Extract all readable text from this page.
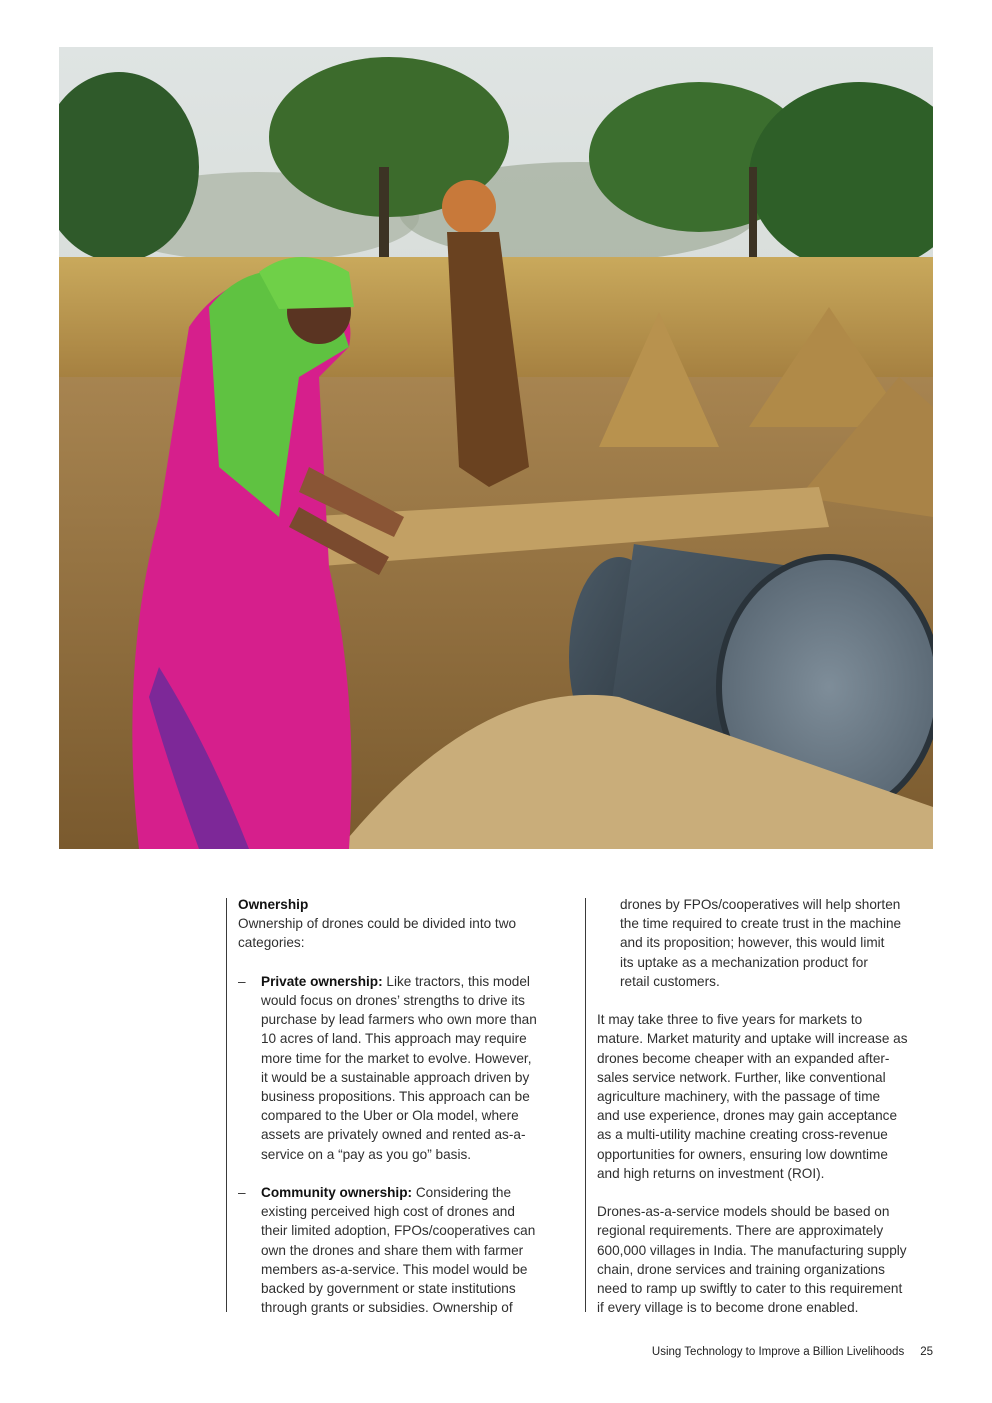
Ownership
Ownership of drones could be divided into two
categories:
– Private ownership: Like tractors, this model
would focus on drones’ strengths to drive its
purchase by lead farmers who own more than
10 acres of land. This approach may require
more time for the market to evolve. However,
it would be a sustainable approach driven by
business propositions. This approach can be
compared to the Uber or Ola model, where
assets are privately owned and rented as-a-
service on a “pay as you go” basis.
– Community ownership: Considering the
existing perceived high cost of drones and
their limited adoption, FPOs/cooperatives can
own the drones and share them with farmer
members as-a-service. This model would be
backed by government or state institutions
through grants or subsidies. Ownership of
drones by FPOs/cooperatives will help shorten
the time required to create trust in the machine
and its proposition; however, this would limit
its uptake as a mechanization product for
retail customers.
It may take three to five years for markets to
mature. Market maturity and uptake will increase as
drones become cheaper with an expanded after-
sales service network. Further, like conventional
agriculture machinery, with the passage of time
and use experience, drones may gain acceptance
as a multi-utility machine creating cross-revenue
opportunities for owners, ensuring low downtime
and high returns on investment (ROI).
Drones-as-a-service models should be based on
regional requirements. There are approximately
600,000 villages in India. The manufacturing supply
chain, drone services and training organizations
need to ramp up swiftly to cater to this requirement
if every village is to become drone enabled.
Using Technology to Improve a Billion Livelihoods 25
